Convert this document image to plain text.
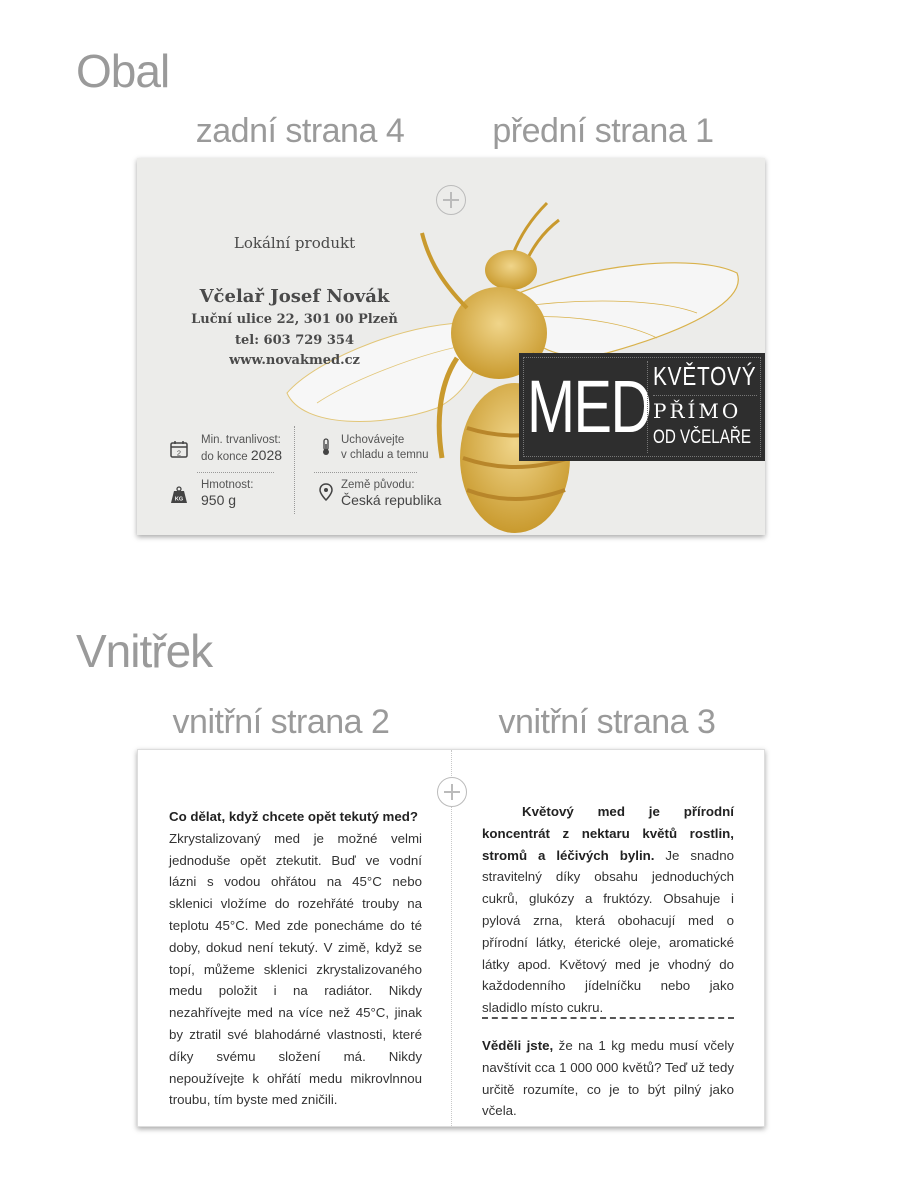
Obal
zadní strana 4	přední strana 1
Lokální produkt
Včelař Josef Novák
Luční ulice 22, 301 00 Plzeň
tel: 603 729 354
www.novakmed.cz
2
Min. trvanlivost:
do konce 2028
KG
Hmotnost:
950 g
Uchovávejte
v chladu a temnu
Země původu:
Česká republika
MED KVĚTOVÝ
PŘÍMO
OD VČELAŘE
Vnitřek
vnitřní strana 2	vnitřní strana 3
Co dělat, když chcete opět tekutý med?
Zkrystalizovaný med je možné velmi jednoduše opět ztekutit. Buď ve vodní lázni s vodou ohřátou na 45°C nebo sklenici vložíme do rozehřáté trouby na teplotu 45°C. Med zde ponecháme do té doby, dokud není tekutý. V zimě, když se topí, můžeme sklenici zkrystalizovaného medu položit i na radiátor. Nikdy nezahřívejte med na více než 45°C, jinak by ztratil své blahodárné vlastnosti, které díky svému složení má. Nikdy nepoužívejte k ohřátí medu mikrovlnnou troubu, tím byste med zničili.
Květový med je přírodní koncentrát z nektaru květů rostlin, stromů a léčivých bylin. Je snadno stravitelný díky obsahu jednoduchých cukrů, glukózy a fruktózy. Obsahuje i pylová zrna, která obohacují med o přírodní látky, éterické oleje, aromatické látky apod. Květový med je vhodný do každodenního jídelníčku nebo jako sladidlo místo cukru.
Věděli jste, že na 1 kg medu musí včely navštívit cca 1 000 000 květů? Teď už tedy určitě rozumíte, co je to být pilný jako včela.
